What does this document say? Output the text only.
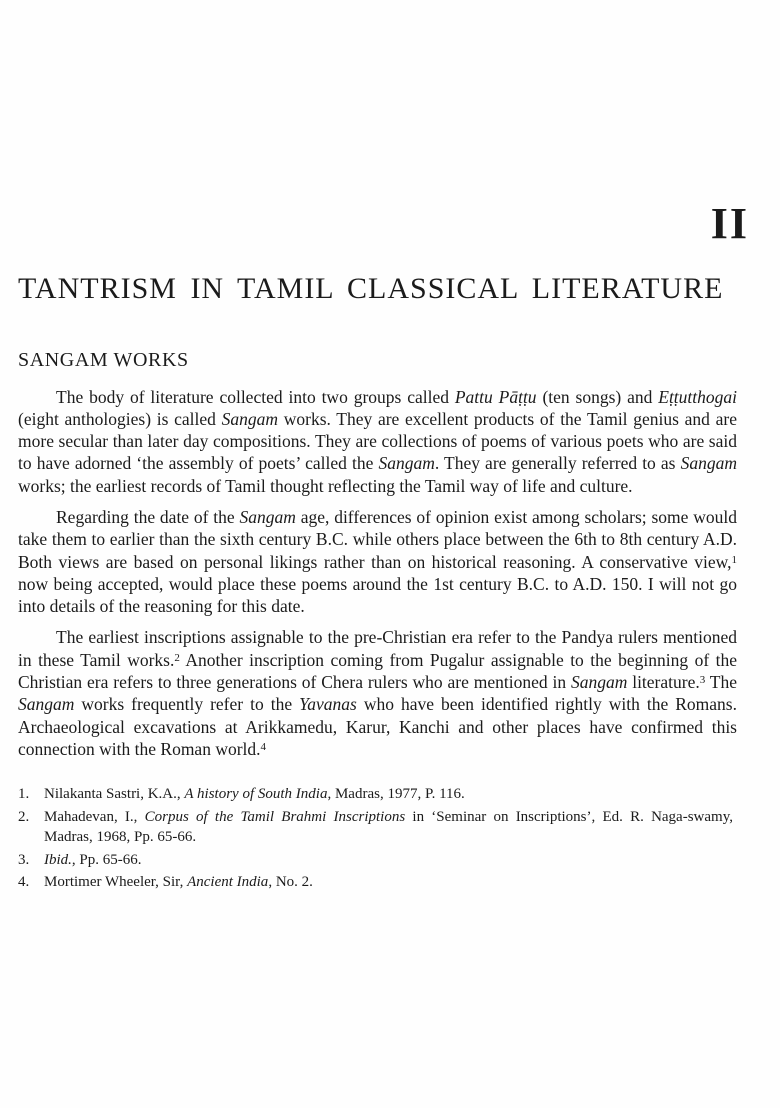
II
TANTRISM IN TAMIL CLASSICAL LITERATURE
SANGAM WORKS

The body of literature collected into two groups called Pattu Pāṭṭu (ten songs) and Eṭṭutthogai (eight anthologies) is called Sangam works. They are excellent products of the Tamil genius and are more secular than later day compositions. They are collections of poems of various poets who are said to have adorned ‘the assembly of poets’ called the Sangam. They are generally referred to as Sangam works; the earliest records of Tamil thought reflecting the Tamil way of life and culture.

Regarding the date of the Sangam age, differences of opinion exist among scholars; some would take them to earlier than the sixth century B.C. while others place between the 6th to 8th century A.D. Both views are based on personal likings rather than on historical reasoning. A conservative view,$^1$ now being accepted, would place these poems around the 1st century B.C. to A.D. 150. I will not go into details of the reasoning for this date.

The earliest inscriptions assignable to the pre-Christian era refer to the Pandya rulers mentioned in these Tamil works.$^2$ Another inscription coming from Pugalur assignable to the beginning of the Christian era refers to three generations of Chera rulers who are mentioned in Sangam literature.$^3$ The Sangam works frequently refer to the Yavanas who have been identified rightly with the Romans. Archaeological excavations at Arikkamedu, Karur, Kanchi and other places have confirmed this connection with the Roman world.$^4$

1. Nilakanta Sastri, K.A., A history of South India, Madras, 1977, P. 116.
2. Mahadevan, I., Corpus of the Tamil Brahmi Inscriptions in ‘Seminar on Inscriptions’, Ed. R. Naga-swamy, Madras, 1968, Pp. 65-66.
3. Ibid., Pp. 65-66.
4. Mortimer Wheeler, Sir, Ancient India, No. 2.
